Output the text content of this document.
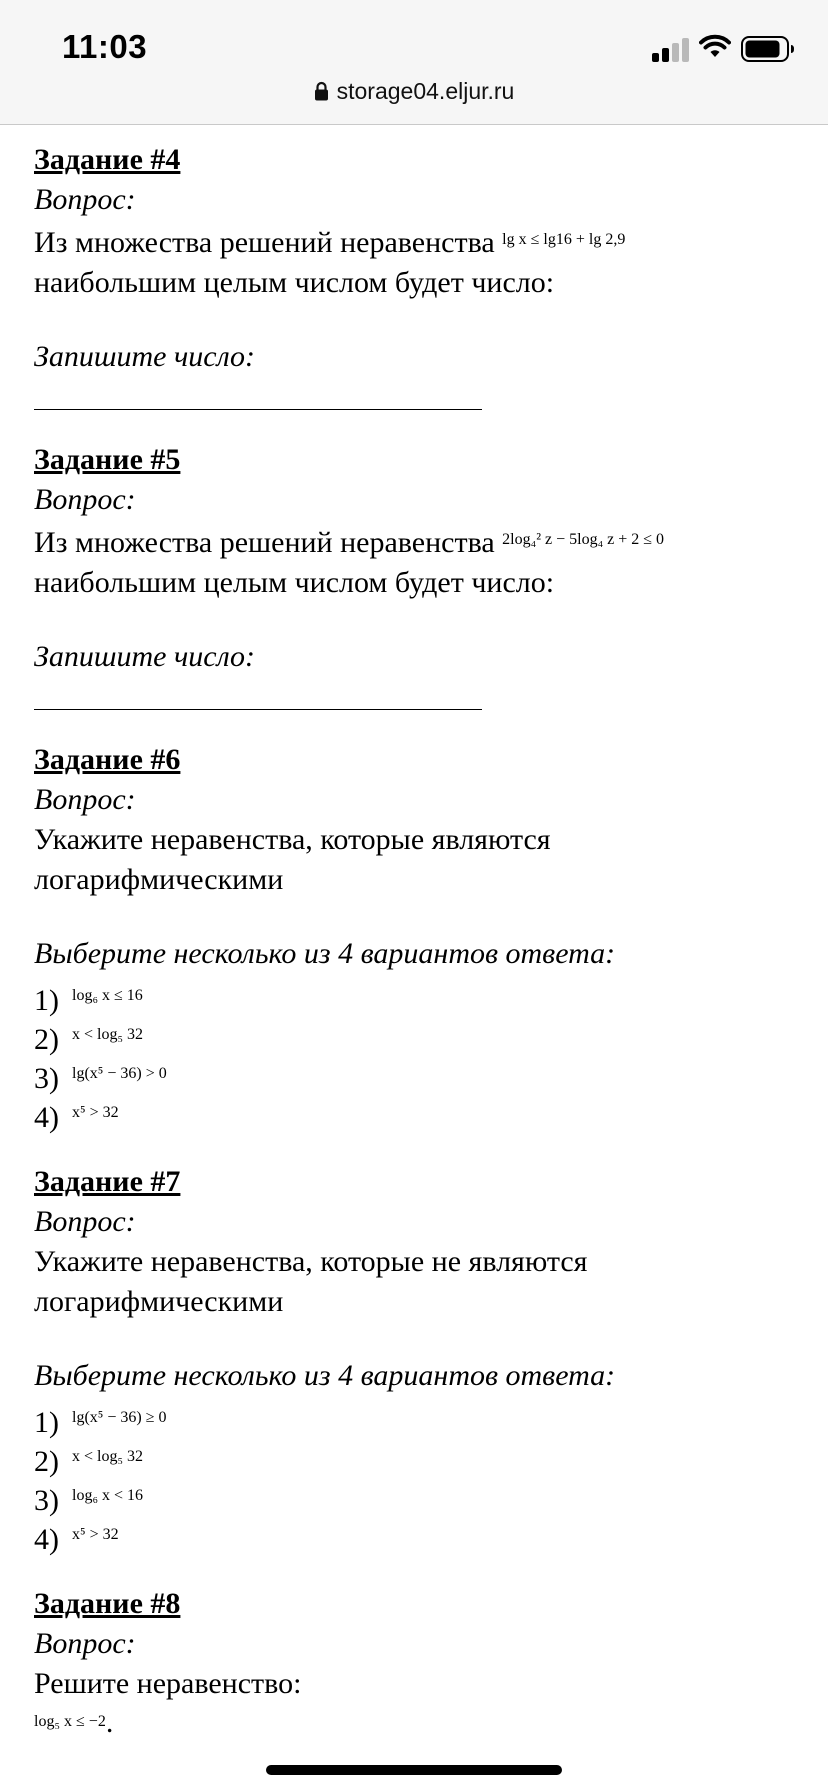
11:03
storage04.eljur.ru
Задание #4
Вопрос:
Из множества решений неравенства $^{lg x \le lg16 + lg 2,9}$
наибольшим целым числом будет число:
Запишите число:
Задание #5
Вопрос:
Из множества решений неравенства $^{2log_4^2 z - 5log_4 z + 2 \le 0}$
наибольшим целым числом будет число:
Запишите число:
Задание #6
Вопрос:
Укажите неравенства, которые являются логарифмическими
Выберите несколько из 4 вариантов ответа:
1) $^{log_6 x \le 16}$
2) $^{x < log_5 32}$
3) $^{lg(x^5 - 36) > 0}$
4) $^{x^5 > 32}$
Задание #7
Вопрос:
Укажите неравенства, которые не являются логарифмическими
Выберите несколько из 4 вариантов ответа:
1) $^{lg(x^5 - 36) \ge 0}$
2) $^{x < log_5 32}$
3) $^{log_6 x < 16}$
4) $^{x^5 > 32}$
Задание #8
Вопрос:
Решите неравенство:
$^{log_5 x \le -2}$.
